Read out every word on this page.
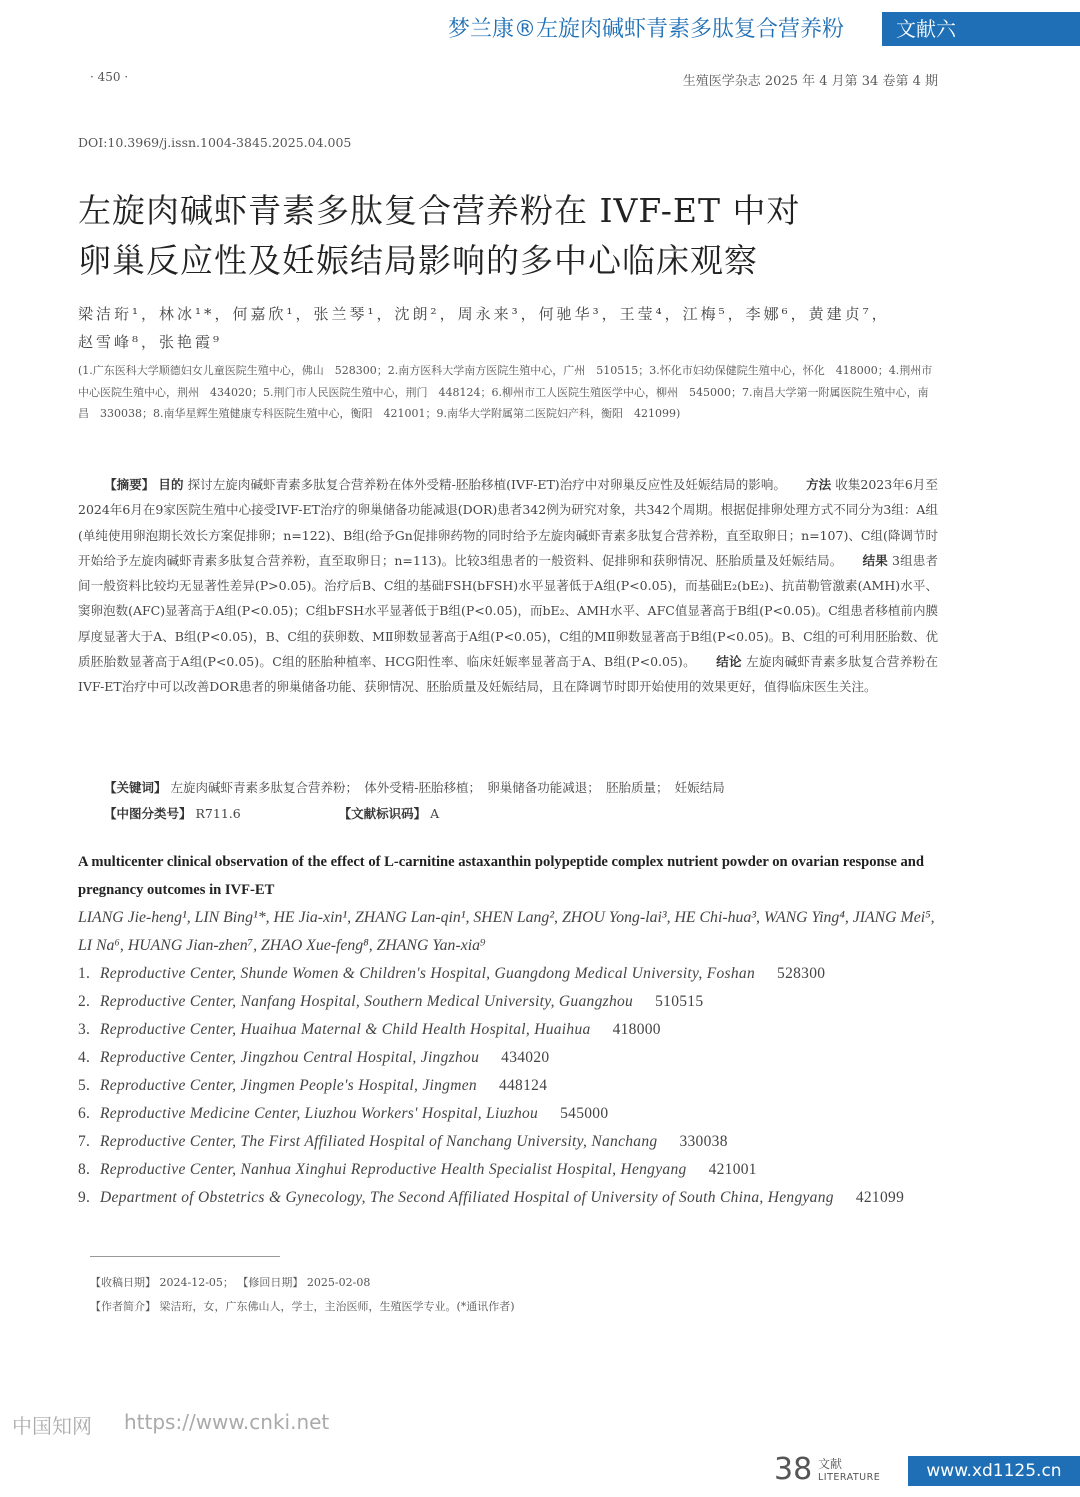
梦兰康®左旋肉碱虾青素多肽复合营养粉	文献六
· 450 ·	生殖医学杂志 2025 年 4 月第 34 卷第 4 期
DOI:10.3969/j.issn.1004-3845.2025.04.005
左旋肉碱虾青素多肽复合营养粉在 IVF-ET 中对
卵巢反应性及妊娠结局影响的多中心临床观察
梁洁珩¹，林冰¹*，何嘉欣¹，张兰琴¹，沈朗²，周永来³，何驰华³，王莹⁴，江梅⁵，李娜⁶，黄建贞⁷，
赵雪峰⁸，张艳霞⁹
(1.广东医科大学顺德妇女儿童医院生殖中心，佛山　528300；2.南方医科大学南方医院生殖中心，广州　510515；3.怀化市妇幼保健院生殖中心，怀化　418000；4.荆州市中心医院生殖中心，荆州　434020；5.荆门市人民医院生殖中心，荆门　448124；6.柳州市工人医院生殖医学中心，柳州　545000；7.南昌大学第一附属医院生殖中心，南昌　330038；8.南华星辉生殖健康专科医院生殖中心，衡阳　421001；9.南华大学附属第二医院妇产科，衡阳　421099)
【摘要】 目的 探讨左旋肉碱虾青素多肽复合营养粉在体外受精-胚胎移植(IVF-ET)治疗中对卵巢反应性及妊娠结局的影响。 方法 收集2023年6月至2024年6月在9家医院生殖中心接受IVF-ET治疗的卵巢储备功能减退(DOR)患者342例为研究对象，共342个周期。根据促排卵处理方式不同分为3组：A组(单纯使用卵泡期长效长方案促排卵；n=122)、B组(给予Gn促排卵药物的同时给予左旋肉碱虾青素多肽复合营养粉，直至取卵日；n=107)、C组(降调节时开始给予左旋肉碱虾青素多肽复合营养粉，直至取卵日；n=113)。比较3组患者的一般资料、促排卵和获卵情况、胚胎质量及妊娠结局。 结果 3组患者间一般资料比较均无显著性差异(P>0.05)。治疗后B、C组的基础FSH(bFSH)水平显著低于A组(P<0.05)，而基础E₂(bE₂)、抗苗勒管激素(AMH)水平、窦卵泡数(AFC)显著高于A组(P<0.05)；C组bFSH水平显著低于B组(P<0.05)，而bE₂、AMH水平、AFC值显著高于B组(P<0.05)。C组患者移植前内膜厚度显著大于A、B组(P<0.05)，B、C组的获卵数、MⅡ卵数显著高于A组(P<0.05)，C组的MⅡ卵数显著高于B组(P<0.05)。B、C组的可利用胚胎数、优质胚胎数显著高于A组(P<0.05)。C组的胚胎种植率、HCG阳性率、临床妊娠率显著高于A、B组(P<0.05)。 结论 左旋肉碱虾青素多肽复合营养粉在IVF-ET治疗中可以改善DOR患者的卵巢储备功能、获卵情况、胚胎质量及妊娠结局，且在降调节时即开始使用的效果更好，值得临床医生关注。
【关键词】 左旋肉碱虾青素多肽复合营养粉；　体外受精-胚胎移植；　卵巢储备功能减退；　胚胎质量；　妊娠结局
【中图分类号】 R711.6	【文献标识码】 A
A multicenter clinical observation of the effect of L-carnitine astaxanthin polypeptide complex nutrient powder on ovarian response and pregnancy outcomes in IVF-ET
LIANG Jie-heng¹, LIN Bing¹*, HE Jia-xin¹, ZHANG Lan-qin¹, SHEN Lang², ZHOU Yong-lai³, HE Chi-hua³, WANG Ying⁴, JIANG Mei⁵, LI Na⁶, HUANG Jian-zhen⁷, ZHAO Xue-feng⁸, ZHANG Yan-xia⁹
1. Reproductive Center, Shunde Women & Children's Hospital, Guangdong Medical University, Foshan 528300
2. Reproductive Center, Nanfang Hospital, Southern Medical University, Guangzhou 510515
3. Reproductive Center, Huaihua Maternal & Child Health Hospital, Huaihua 418000
4. Reproductive Center, Jingzhou Central Hospital, Jingzhou 434020
5. Reproductive Center, Jingmen People's Hospital, Jingmen 448124
6. Reproductive Medicine Center, Liuzhou Workers' Hospital, Liuzhou 545000
7. Reproductive Center, The First Affiliated Hospital of Nanchang University, Nanchang 330038
8. Reproductive Center, Nanhua Xinghui Reproductive Health Specialist Hospital, Hengyang 421001
9. Department of Obstetrics & Gynecology, The Second Affiliated Hospital of University of South China, Hengyang 421099
【收稿日期】 2024-12-05； 【修回日期】 2025-02-08
【作者简介】 梁洁珩，女，广东佛山人，学士，主治医师，生殖医学专业。(*通讯作者)
中国知网 https://www.cnki.net
38 文献
LITERATURE	www.xd1125.cn
